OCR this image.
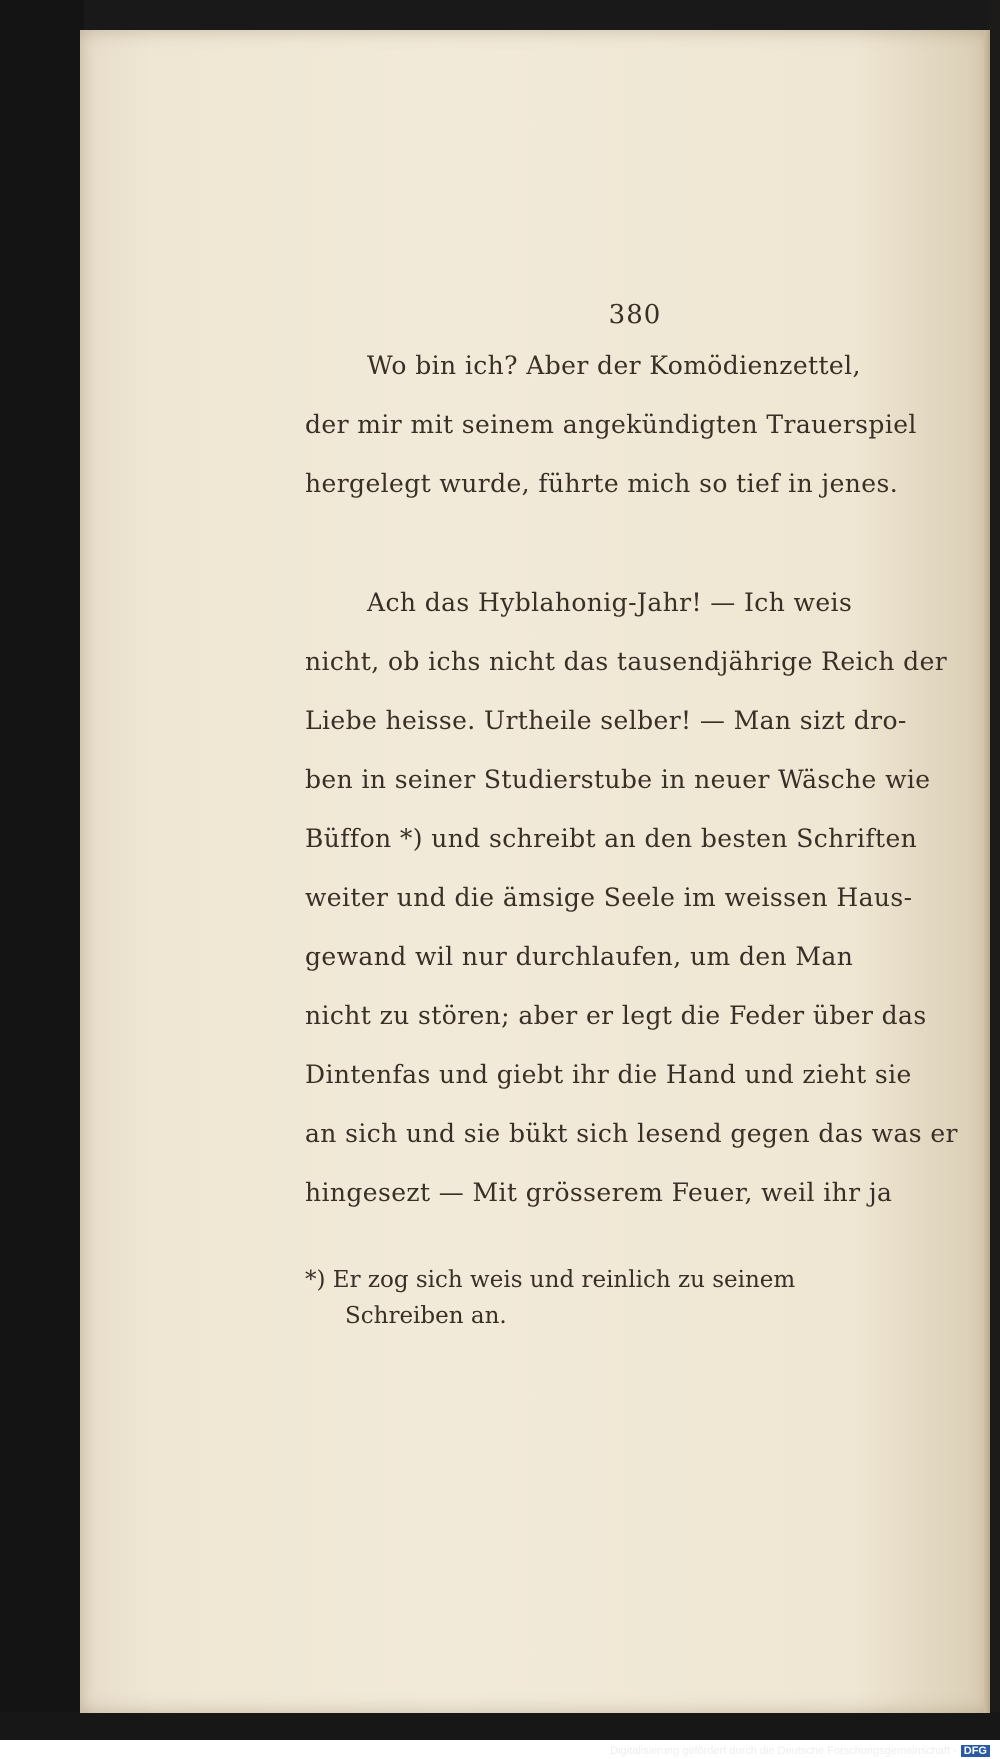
380
Wo bin ich? Aber der Komödienzettel,
der mir mit seinem angekündigten Trauerspiel
hergelegt wurde, führte mich so tief in jenes.
Ach das Hyblahonig-Jahr! — Ich weis
nicht, ob ichs nicht das tausendjährige Reich der
Liebe heisse. Urtheile selber! — Man sizt dro-
ben in seiner Studierstube in neuer Wäsche wie
Büffon *) und schreibt an den besten Schriften
weiter und die ämsige Seele im weissen Haus-
gewand wil nur durchlaufen, um den Man
nicht zu stören; aber er legt die Feder über das
Dintenfas und giebt ihr die Hand und zieht sie
an sich und sie bükt sich lesend gegen das was er
hingesezt — Mit grösserem Feuer, weil ihr ja
*) Er zog sich weis und reinlich zu seinem
Schreiben an.
Digitalisierung gefördert durch die Deutsche Forschungsgemeinschaft - DFG
